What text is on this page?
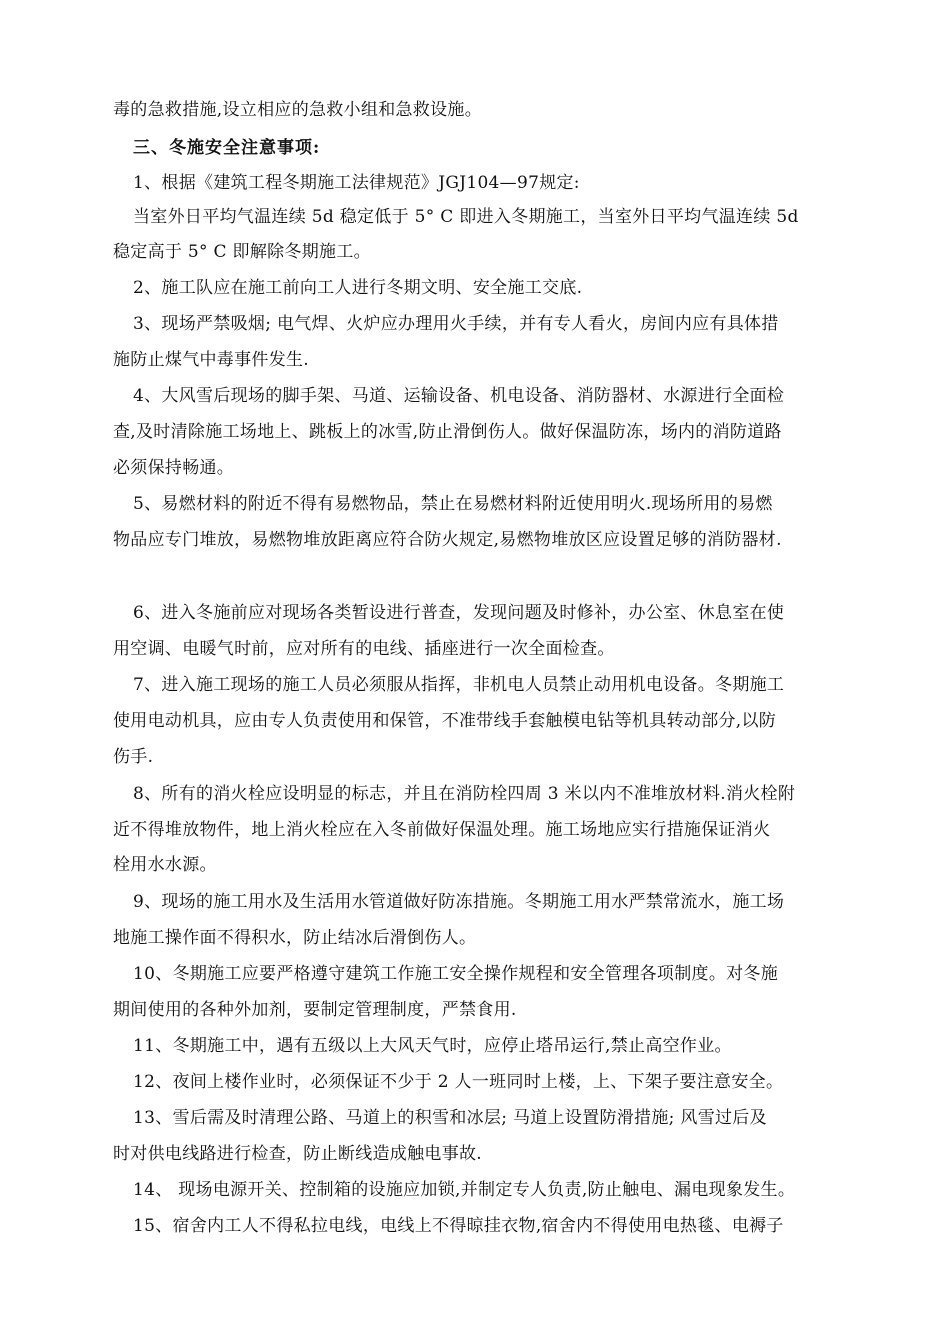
毒的急救措施,设立相应的急救小组和急救设施。
三、冬施安全注意事项:
1、根据《建筑工程冬期施工法律规范》JGJ104—97规定:
当室外日平均气温连续 5d 稳定低于 5° C 即进入冬期施工，当室外日平均气温连续 5d
稳定高于 5° C 即解除冬期施工。
2、施工队应在施工前向工人进行冬期文明、安全施工交底.
3、现场严禁吸烟; 电气焊、火炉应办理用火手续，并有专人看火，房间内应有具体措
施防止煤气中毒事件发生.
4、大风雪后现场的脚手架、马道、运输设备、机电设备、消防器材、水源进行全面检
查,及时清除施工场地上、跳板上的冰雪,防止滑倒伤人。做好保温防冻，场内的消防道路
必须保持畅通。
5、易燃材料的附近不得有易燃物品，禁止在易燃材料附近使用明火.现场所用的易燃
物品应专门堆放，易燃物堆放距离应符合防火规定,易燃物堆放区应设置足够的消防器材.
6、进入冬施前应对现场各类暂设进行普查，发现问题及时修补，办公室、休息室在使
用空调、电暖气时前，应对所有的电线、插座进行一次全面检查。
7、进入施工现场的施工人员必须服从指挥，非机电人员禁止动用机电设备。冬期施工
使用电动机具，应由专人负责使用和保管，不准带线手套触模电钻等机具转动部分,以防
伤手.
8、所有的消火栓应设明显的标志，并且在消防栓四周 3 米以内不准堆放材料.消火栓附
近不得堆放物件，地上消火栓应在入冬前做好保温处理。施工场地应实行措施保证消火
栓用水水源。
9、现场的施工用水及生活用水管道做好防冻措施。冬期施工用水严禁常流水，施工场
地施工操作面不得积水，防止结冰后滑倒伤人。
10、冬期施工应要严格遵守建筑工作施工安全操作规程和安全管理各项制度。对冬施
期间使用的各种外加剂，要制定管理制度，严禁食用.
11、冬期施工中，遇有五级以上大风天气时，应停止塔吊运行,禁止高空作业。
12、夜间上楼作业时，必须保证不少于 2 人一班同时上楼，上、下架子要注意安全。
13、雪后需及时清理公路、马道上的积雪和冰层; 马道上设置防滑措施; 风雪过后及
时对供电线路进行检查，防止断线造成触电事故.
14、 现场电源开关、控制箱的设施应加锁,并制定专人负责,防止触电、漏电现象发生。
15、宿舍内工人不得私拉电线，电线上不得晾挂衣物,宿舍内不得使用电热毯、电褥子
